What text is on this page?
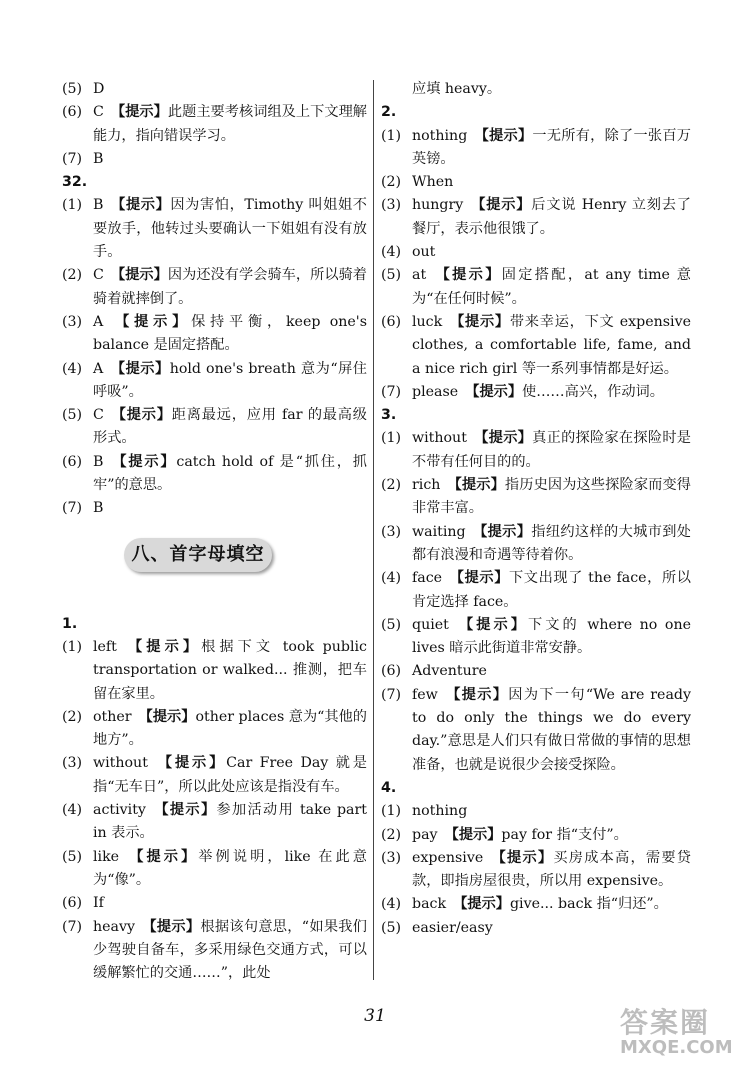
(5) D
(6) C  【提示】此题主要考核词组及上下文理解能力，指向错误学习。
(7) B
32.
(1) B  【提示】因为害怕，Timothy 叫姐姐不要放手，他转过头要确认一下姐姐有没有放手。
(2) C  【提示】因为还没有学会骑车，所以骑着骑着就摔倒了。
(3) A  【提示】保持平衡，keep one's balance 是固定搭配。
(4) A  【提示】hold one's breath 意为“屏住呼吸”。
(5) C  【提示】距离最远，应用 far 的最高级形式。
(6) B  【提示】catch hold of 是“抓住，抓牢”的意思。
(7) B
八、首字母填空
1.
(1) left  【提示】根据下文 took public transportation or walked... 推测，把车留在家里。
(2) other  【提示】other places 意为“其他的地方”。
(3) without  【提示】Car Free Day 就是指“无车日”，所以此处应该是指没有车。
(4) activity  【提示】参加活动用 take part in 表示。
(5) like  【提示】举例说明，like 在此意为“像”。
(6) If
(7) heavy  【提示】根据该句意思，“如果我们少驾驶自备车，多采用绿色交通方式，可以缓解繁忙的交通……”，此处
应填 heavy。
2.
(1) nothing  【提示】一无所有，除了一张百万英镑。
(2) When
(3) hungry  【提示】后文说 Henry 立刻去了餐厅，表示他很饿了。
(4) out
(5) at  【提示】固定搭配，at any time 意为“在任何时候”。
(6) luck  【提示】带来幸运，下文 expensive clothes, a comfortable life, fame, and a nice rich girl 等一系列事情都是好运。
(7) please  【提示】使……高兴，作动词。
3.
(1) without  【提示】真正的探险家在探险时是不带有任何目的的。
(2) rich  【提示】指历史因为这些探险家而变得非常丰富。
(3) waiting  【提示】指纽约这样的大城市到处都有浪漫和奇遇等待着你。
(4) face  【提示】下文出现了 the face，所以肯定选择 face。
(5) quiet  【提示】下文的 where no one lives 暗示此街道非常安静。
(6) Adventure
(7) few  【提示】因为下一句“We are ready to do only the things we do every day.”意思是人们只有做日常做的事情的思想准备，也就是说很少会接受探险。
4.
(1) nothing
(2) pay  【提示】pay for 指“支付”。
(3) expensive  【提示】买房成本高，需要贷款，即指房屋很贵，所以用 expensive。
(4) back  【提示】give... back 指“归还”。
(5) easier/easy
31	答案圈
MXQE.COM
